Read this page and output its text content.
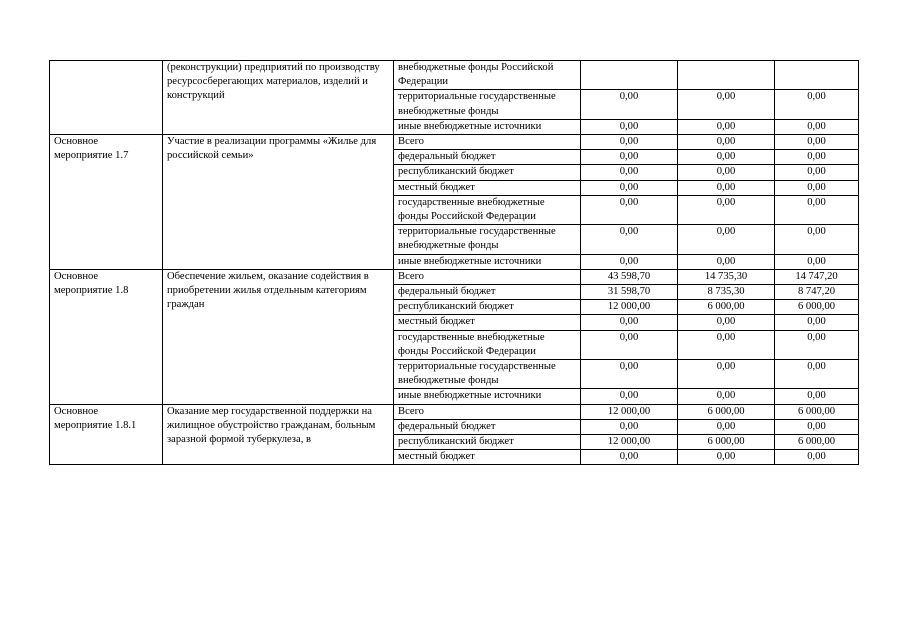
	(реконструкции) предприятий по производству ресурсосберегающих материалов, изделий и конструкций	внебюджетные фонды Российской Федерации			
		территориальные государственные внебюджетные фонды	0,00	0,00	0,00
		иные внебюджетные источники	0,00	0,00	0,00
Основное мероприятие 1.7	Участие в реализации программы «Жилье для российской семьи»	Всего	0,00	0,00	0,00
		федеральный бюджет	0,00	0,00	0,00
		республиканский бюджет	0,00	0,00	0,00
		местный бюджет	0,00	0,00	0,00
		государственные внебюджетные фонды Российской Федерации	0,00	0,00	0,00
		территориальные государственные внебюджетные фонды	0,00	0,00	0,00
		иные внебюджетные источники	0,00	0,00	0,00
Основное мероприятие 1.8	Обеспечение жильем, оказание содействия в приобретении жилья отдельным категориям граждан	Всего	43 598,70	14 735,30	14 747,20
		федеральный бюджет	31 598,70	8 735,30	8 747,20
		республиканский бюджет	12 000,00	6 000,00	6 000,00
		местный бюджет	0,00	0,00	0,00
		государственные внебюджетные фонды Российской Федерации	0,00	0,00	0,00
		территориальные государственные внебюджетные фонды	0,00	0,00	0,00
		иные внебюджетные источники	0,00	0,00	0,00
Основное мероприятие 1.8.1	Оказание мер государственной поддержки на жилищное обустройство гражданам, больным заразной формой туберкулеза, в	Всего	12 000,00	6 000,00	6 000,00
		федеральный бюджет	0,00	0,00	0,00
		республиканский бюджет	12 000,00	6 000,00	6 000,00
		местный бюджет	0,00	0,00	0,00
